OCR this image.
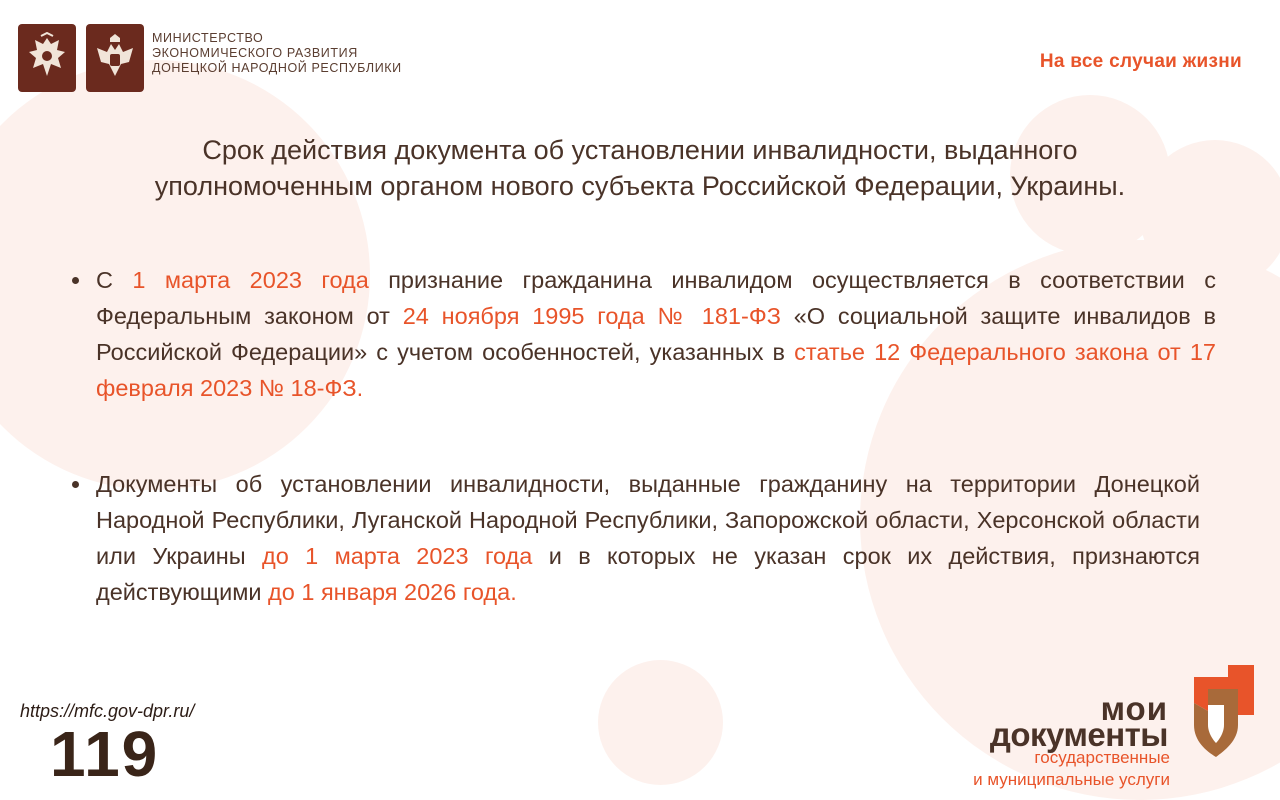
МИНИСТЕРСТВО
ЭКОНОМИЧЕСКОГО РАЗВИТИЯ
ДОНЕЦКОЙ НАРОДНОЙ РЕСПУБЛИКИ	На все случаи жизни
Срок действия документа об установлении инвалидности, выданного
уполномоченным органом нового субъекта Российской Федерации, Украины.
С 1 марта 2023 года признание гражданина инвалидом осуществляется в соответствии с Федеральным законом от 24 ноября 1995 года № 181-ФЗ «О социальной защите инвалидов в Российской Федерации» с учетом особенностей, указанных в статье 12 Федерального закона от 17 февраля 2023 № 18-ФЗ.
Документы об установлении инвалидности, выданные гражданину на территории Донецкой Народной Республики, Луганской Народной Республики, Запорожской области, Херсонской области или Украины до 1 марта 2023 года и в которых не указан срок их действия, признаются действующими до 1 января 2026 года.
https://mfc.gov-dpr.ru/
119
мои
документы
государственные
и муниципальные услуги
